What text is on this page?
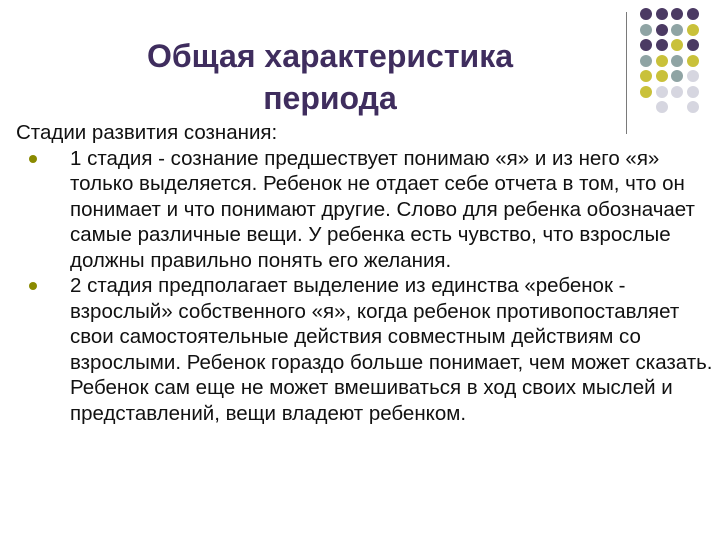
Общая характеристика
периода

Стадии развития сознания:

1 стадия - сознание предшествует понимаю «я» и из него «я» только выделяется. Ребенок не отдает себе отчета в том, что он понимает и что понимают другие. Слово для ребенка обозначает самые различные вещи. У ребенка есть чувство, что взрослые должны правильно понять его желания.
2 стадия предполагает выделение из единства «ребенок - взрослый» собственного «я», когда ребенок противопоставляет свои самостоятельные действия совместным действиям со взрослыми. Ребенок гораздо больше понимает, чем может сказать. Ребенок сам еще не может вмешиваться в ход своих мыслей и представлений, вещи владеют ребенком.
